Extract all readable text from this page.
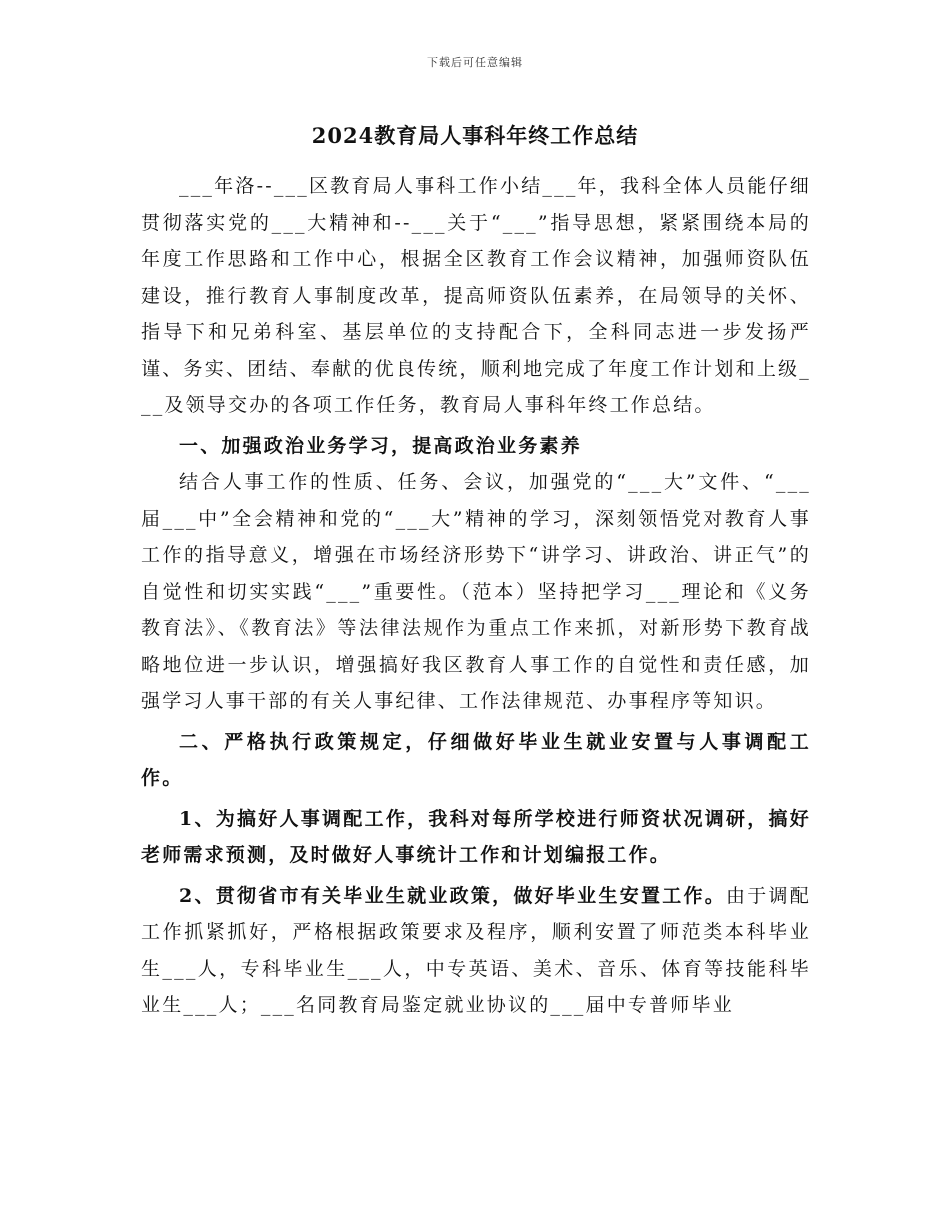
下载后可任意编辑
2024教育局人事科年终工作总结

___年洛--___区教育局人事科工作小结___年，我科全体人员能仔细贯彻落实党的___大精神和--___关于“___”指导思想，紧紧围绕本局的年度工作思路和工作中心，根据全区教育工作会议精神，加强师资队伍建设，推行教育人事制度改革，提高师资队伍素养，在局领导的关怀、指导下和兄弟科室、基层单位的支持配合下，全科同志进一步发扬严谨、务实、团结、奉献的优良传统，顺利地完成了年度工作计划和上级___及领导交办的各项工作任务，教育局人事科年终工作总结。

一、加强政治业务学习，提高政治业务素养

结合人事工作的性质、任务、会议，加强党的“___大”文件、“___届___中”全会精神和党的“___大”精神的学习，深刻领悟党对教育人事工作的指导意义，增强在市场经济形势下“讲学习、讲政治、讲正气”的自觉性和切实实践“___”重要性。（范本）坚持把学习___理论和《义务教育法》、《教育法》等法律法规作为重点工作来抓，对新形势下教育战略地位进一步认识，增强搞好我区教育人事工作的自觉性和责任感，加强学习人事干部的有关人事纪律、工作法律规范、办事程序等知识。

二、严格执行政策规定，仔细做好毕业生就业安置与人事调配工作。

1、为搞好人事调配工作，我科对每所学校进行师资状况调研，搞好老师需求预测，及时做好人事统计工作和计划编报工作。

2、贯彻省市有关毕业生就业政策，做好毕业生安置工作。由于调配工作抓紧抓好，严格根据政策要求及程序，顺利安置了师范类本科毕业生___人，专科毕业生___人，中专英语、美术、音乐、体育等技能科毕业生___人；___名同教育局鉴定就业协议的___届中专普师毕业
